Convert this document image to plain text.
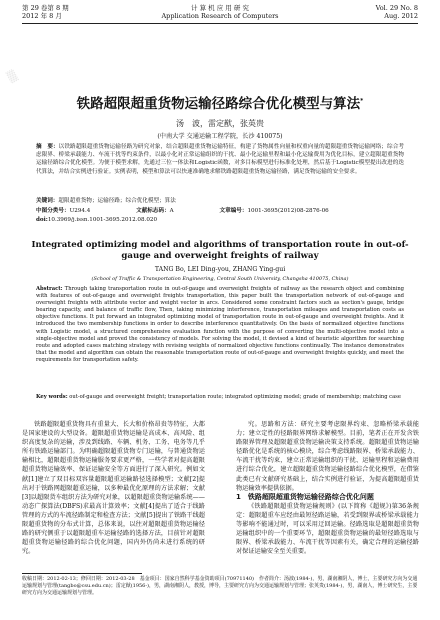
▒
第 29 卷第 8 期
2012 年 8 月
计 算 机 应 用 研 究
Application Research of Computers
Vol. 29 No. 8
Aug. 2012
铁路超限超重货物运输径路综合优化模型与算法*
汤　波，雷定猷，张英贵
(中南大学 交通运输工程学院，长沙 410075)
摘　要：以铁路超限超重货物运输径路为研究对象，结合超限超重货物运输特征，构建了货物属性向量和权重向量的超限超重货物运输网络；综合考虑限界、桥梁承载能力、车流干扰等约束条件，以最小化对正常运输组织的干扰、最小化运输里程和最小化运输费用为优化目标，建立超限超重货物运输径路综合优化模型。为便于模型求解，先通过三位一体法和Logistic函数，对多目标模型进行标准化处理，然后基于Logistic模型提出改进的迭代算法，并结合实例进行验证。实例表明，模型和算法可以快速准确地求解铁路超限超重货物运输径路，满足货物运输的安全要求。
关键词：超限超重货物；运输径路；综合优化模型；算法
中图分类号：U294.4	文献标志码：A	文章编号：1001-3695(2012)08-2876-06
doi:10.3969/j.issn.1001-3695.2012.08.020
Integrated optimizing model and algorithms of transportation route in out-of-gauge and overweight freights of railway
TANG Bo, LEI Ding-you, ZHANG Ying-gui
(School of Traffic & Transportation Engineering, Central South University, Changsha 410075, China)
Abstract: Through taking transportation route in out-of-gauge and overweight freights of railway as the research object and combining with features of out-of-gauge and overweight freights transportation, this paper built the transportation network of out-of-gauge and overweight freights with attribute vector and weight vector in arcs. Considered some constraint factors such as section's gauge, bridge bearing capacity, and balance of traffic flow, Then, taking minimizing interference, transportation mileages and transportation costs as objective functions. It put forward an integrated optimizing model of transportation route in out-of-gauge and overweight freights. And it introduced the two membership functions in order to describe interference quantitatively. On the basis of normalized objective functions with Logistic model, a structured comprehensive evaluation function with the purpose of converting the multi-objective model into a single-objective model and proved the consistency of models. For solving the model, it devised a kind of heuristic algorithm for searching route and adopted cases matching strategy with revising weights of normalized objective functions continually. The instance demonstrates that the model and algorithm can obtain the reasonable transportation route of out-of-gauge and overweight freights quickly, and meet the requirements for transportation safety.
Key words: out-of-gauge and overweight freight; transportation route; integrated optimizing model; grade of membership; matching case

铁路超限超重货物具有重量大、长大和价格昂贵等特征，大都是国家建设的大型设备。超限超重货物运输是高成本、高风险、组织高度复杂的运输，涉及到线路、车辆、机务、工务、电务等几乎所有铁路运输部门。为明确超限超重货物专门运输，与普通货物运输相比，超限超重货物运输服务要求更严格，一些学者对提高超限超重货物运输效率、保证运输安全等方面进行了深入研究。例如文献[1]建立了双目标双容量超限超重运输路径选择模型；文献[2]提出对于铁路网超限超重运输，以多种最优化原理的方法求解；文献[3]以超限货车组织方法为研究对象，以超限超重货物运输系统——动态广探算法(DBFS)求最高计算效率；文献[4]提出了适合于线路管理的方式的车流径路制定和检查方法；文献[5]提出了铁路干线超限超重货物的分布式计算，总体来说，以往对超限超重货物运输径路的研究侧重于以超限超重车运输径路的选择方法，目前针对超限超重货物运输径路的综合优化问题，国内外仍尚未进行系统的研究。

究。思路和方法：研究主要考虑限界约束、忽略桥梁承载能力；建立定性的径路限界网络求解模型。目前，笔者正在开发含铁路限界管理及超限超重货物运输决策支持系统。超限超重货物运输径路优化是系统的核心模块，综合考虑线路限界、桥梁承载能力、车流干扰等约束，建立正常运输组织的干扰、运输里程和运输费用进行综合优化，建立超限超重货物运输径路综合优化模型，在借鉴此类已有文献研究基础上，结合实例进行验证，为提高超限超重货物运输效率提供依据。

1　铁路超限超重货物运输径路综合优化问题

《铁路超限超重货物运输规则》(以下简称《超规》)第36条规定：超限超重车应经由最短径路运输，若受到限界或桥梁承载能力等影响不能通过时，可以采用迂回运输。径路选取是超限超重货物运输组织中的一个重要环节，超限超重货物运输的最短径路选取与限界、桥梁承载能力、车流干扰等因素有关，确定合理的运输径路对保证运输安全至关重要。

收稿日期：2012-02-13；修回日期：2012-03-28　基金项目：国家自然科学基金资助项目(70971140)　作者简介：汤波(1984-)，男，湖南湘阴人，博士，主要研究方向为交通运输规划与管理(tangbo@csu.edu.cn)；雷定猷(1956-)，男，湖南湘阴人，教授，博导，主要研究方向为交通运输规划与管理；张英贵(1984-)，男，湖南人，博士研究生，主要研究方向为交通运输规划与管理。
